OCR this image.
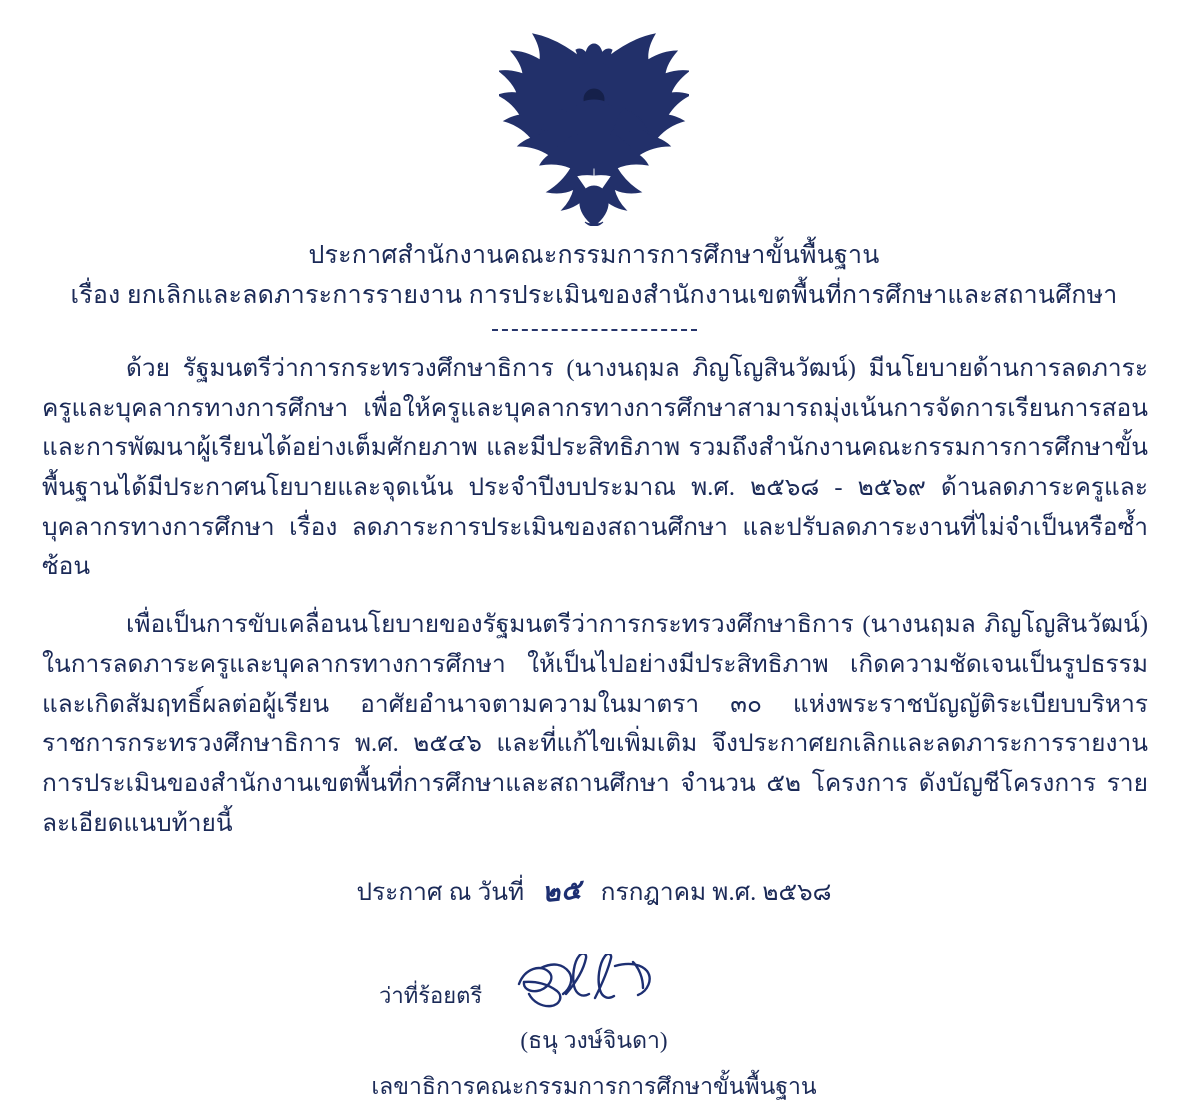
ประกาศสำนักงานคณะกรรมการการศึกษาขั้นพื้นฐาน
เรื่อง ยกเลิกและลดภาระการรายงาน การประเมินของสำนักงานเขตพื้นที่การศึกษาและสถานศึกษา

ด้วย รัฐมนตรีว่าการกระทรวงศึกษาธิการ (นางนฤมล ภิญโญสินวัฒน์) มีนโยบายด้านการลดภาระครูและบุคลากรทางการศึกษา เพื่อให้ครูและบุคลากรทางการศึกษาสามารถมุ่งเน้นการจัดการเรียนการสอนและการพัฒนาผู้เรียนได้อย่างเต็มศักยภาพ และมีประสิทธิภาพ รวมถึงสำนักงานคณะกรรมการการศึกษาขั้นพื้นฐานได้มีประกาศนโยบายและจุดเน้น ประจำปีงบประมาณ พ.ศ. ๒๕๖๘ - ๒๕๖๙ ด้านลดภาระครูและบุคลากรทางการศึกษา เรื่อง ลดภาระการประเมินของสถานศึกษา และปรับลดภาระงานที่ไม่จำเป็นหรือซ้ำซ้อน

เพื่อเป็นการขับเคลื่อนนโยบายของรัฐมนตรีว่าการกระทรวงศึกษาธิการ (นางนฤมล ภิญโญสินวัฒน์) ในการลดภาระครูและบุคลากรทางการศึกษา ให้เป็นไปอย่างมีประสิทธิภาพ เกิดความชัดเจนเป็นรูปธรรม และเกิดสัมฤทธิ์ผลต่อผู้เรียน อาศัยอำนาจตามความในมาตรา ๓๐ แห่งพระราชบัญญัติระเบียบบริหารราชการกระทรวงศึกษาธิการ พ.ศ. ๒๕๔๖ และที่แก้ไขเพิ่มเติม จึงประกาศยกเลิกและลดภาระการรายงาน การประเมินของสำนักงานเขตพื้นที่การศึกษาและสถานศึกษา จำนวน ๕๒ โครงการ ดังบัญชีโครงการ รายละเอียดแนบท้ายนี้

ประกาศ ณ วันที่ ๒๕ กรกฎาคม พ.ศ. ๒๕๖๘
ว่าที่ร้อยตรี
(ธนุ วงษ์จินดา)
เลขาธิการคณะกรรมการการศึกษาขั้นพื้นฐาน
